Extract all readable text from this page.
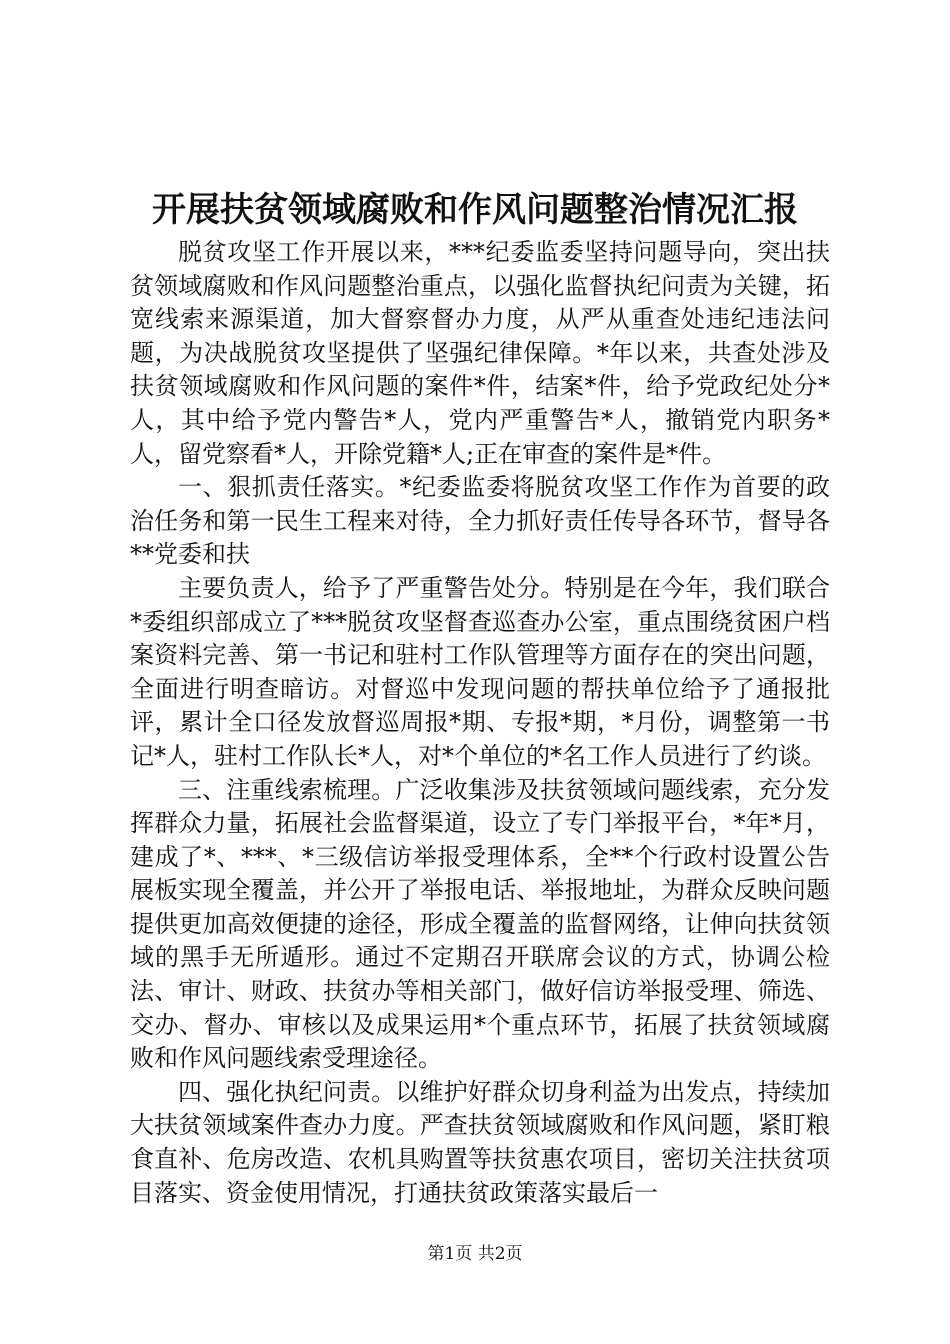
开展扶贫领域腐败和作风问题整治情况汇报

脱贫攻坚工作开展以来，***纪委监委坚持问题导向，突出扶贫领域腐败和作风问题整治重点，以强化监督执纪问责为关键，拓宽线索来源渠道，加大督察督办力度，从严从重查处违纪违法问题，为决战脱贫攻坚提供了坚强纪律保障。*年以来，共查处涉及扶贫领域腐败和作风问题的案件*件，结案*件，给予党政纪处分*人，其中给予党内警告*人，党内严重警告*人，撤销党内职务*人，留党察看*人，开除党籍*人;正在审查的案件是*件。

一、狠抓责任落实。*纪委监委将脱贫攻坚工作作为首要的政治任务和第一民生工程来对待，全力抓好责任传导各环节，督导各**党委和扶

主要负责人，给予了严重警告处分。特别是在今年，我们联合*委组织部成立了***脱贫攻坚督查巡查办公室，重点围绕贫困户档案资料完善、第一书记和驻村工作队管理等方面存在的突出问题，全面进行明查暗访。对督巡中发现问题的帮扶单位给予了通报批评，累计全口径发放督巡周报*期、专报*期，*月份，调整第一书记*人，驻村工作队长*人，对*个单位的*名工作人员进行了约谈。

三、注重线索梳理。广泛收集涉及扶贫领域问题线索，充分发挥群众力量，拓展社会监督渠道，设立了专门举报平台，*年*月，建成了*、***、*三级信访举报受理体系，全**个行政村设置公告展板实现全覆盖，并公开了举报电话、举报地址，为群众反映问题提供更加高效便捷的途径，形成全覆盖的监督网络，让伸向扶贫领域的黑手无所遁形。通过不定期召开联席会议的方式，协调公检法、审计、财政、扶贫办等相关部门，做好信访举报受理、筛选、交办、督办、审核以及成果运用*个重点环节，拓展了扶贫领域腐败和作风问题线索受理途径。

四、强化执纪问责。以维护好群众切身利益为出发点，持续加大扶贫领域案件查办力度。严查扶贫领域腐败和作风问题，紧盯粮食直补、危房改造、农机具购置等扶贫惠农项目，密切关注扶贫项目落实、资金使用情况，打通扶贫政策落实最后一

第1页 共2页
